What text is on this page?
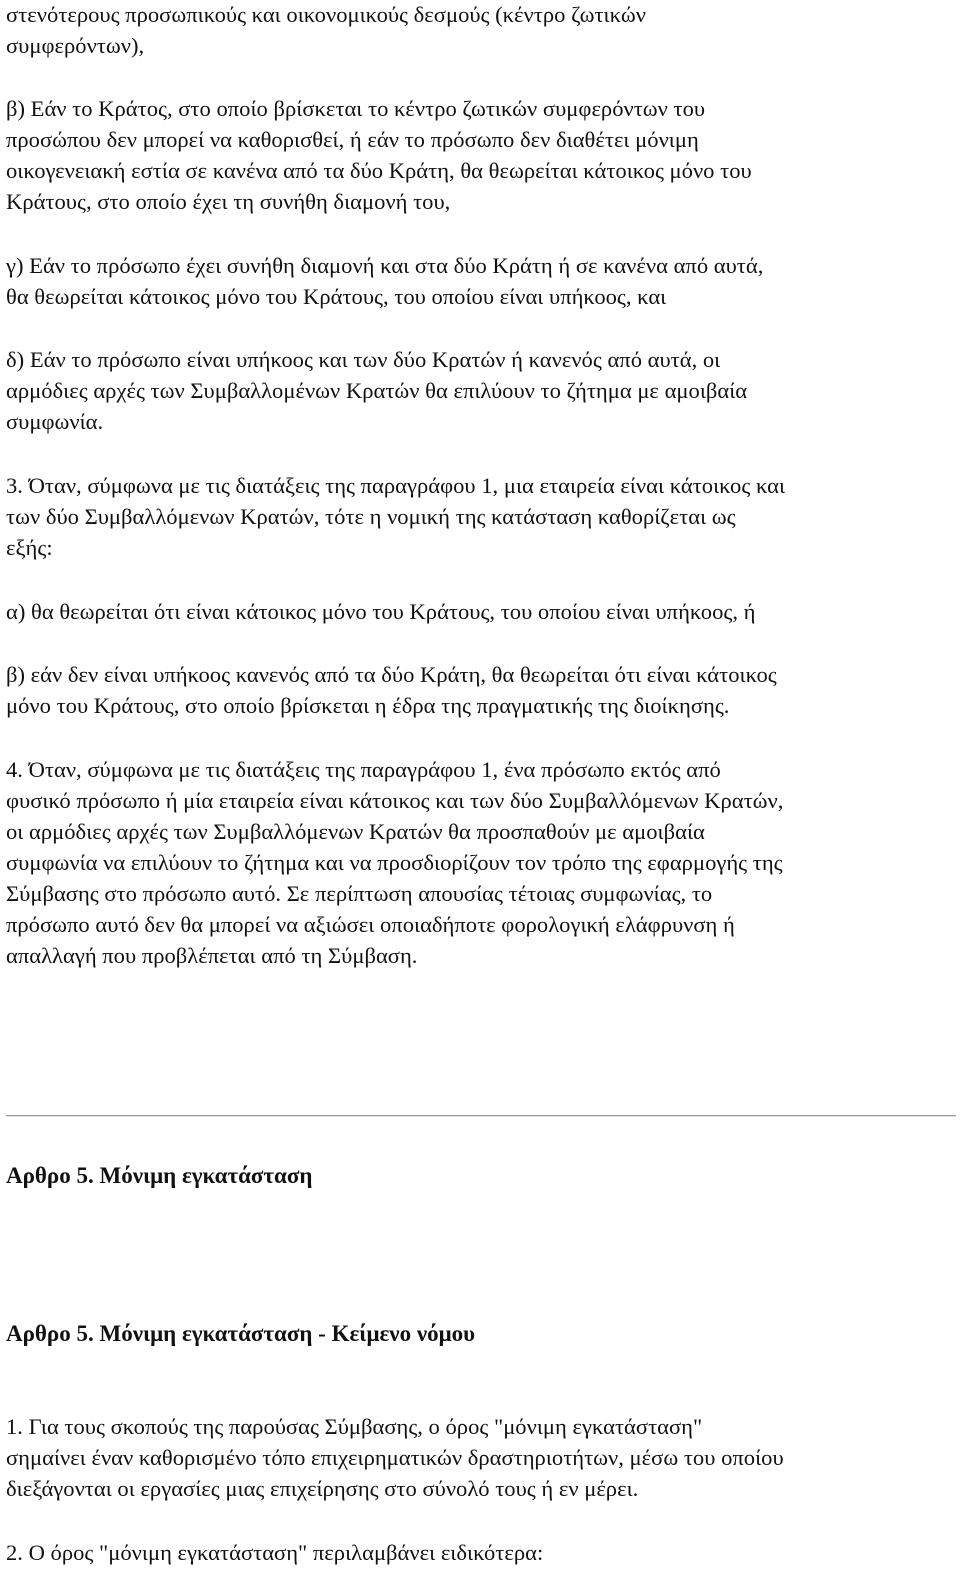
στενότερους προσωπικούς και οικονομικούς δεσμούς (κέντρο ζωτικών
συμφερόντων),
β) Εάν το Κράτος, στο οποίο βρίσκεται το κέντρο ζωτικών συμφερόντων του
προσώπου δεν μπορεί να καθορισθεί, ή εάν το πρόσωπο δεν διαθέτει μόνιμη
οικογενειακή εστία σε κανένα από τα δύο Κράτη, θα θεωρείται κάτοικος μόνο του
Κράτους, στο οποίο έχει τη συνήθη διαμονή του,
γ) Εάν το πρόσωπο έχει συνήθη διαμονή και στα δύο Κράτη ή σε κανένα από αυτά,
θα θεωρείται κάτοικος μόνο του Κράτους, του οποίου είναι υπήκοος, και
δ) Εάν το πρόσωπο είναι υπήκοος και των δύο Κρατών ή κανενός από αυτά, οι
αρμόδιες αρχές των Συμβαλλομένων Κρατών θα επιλύουν το ζήτημα με αμοιβαία
συμφωνία.
3. Όταν, σύμφωνα με τις διατάξεις της παραγράφου 1, μια εταιρεία είναι κάτοικος και
των δύο Συμβαλλόμενων Κρατών, τότε η νομική της κατάσταση καθορίζεται ως
εξής:
α) θα θεωρείται ότι είναι κάτοικος μόνο του Κράτους, του οποίου είναι υπήκοος, ή
β) εάν δεν είναι υπήκοος κανενός από τα δύο Κράτη, θα θεωρείται ότι είναι κάτοικος
μόνο του Κράτους, στο οποίο βρίσκεται η έδρα της πραγματικής της διοίκησης.
4. Όταν, σύμφωνα με τις διατάξεις της παραγράφου 1, ένα πρόσωπο εκτός από
φυσικό πρόσωπο ή μία εταιρεία είναι κάτοικος και των δύο Συμβαλλόμενων Κρατών,
οι αρμόδιες αρχές των Συμβαλλόμενων Κρατών θα προσπαθούν με αμοιβαία
συμφωνία να επιλύουν το ζήτημα και να προσδιορίζουν τον τρόπο της εφαρμογής της
Σύμβασης στο πρόσωπο αυτό. Σε περίπτωση απουσίας τέτοιας συμφωνίας, το
πρόσωπο αυτό δεν θα μπορεί να αξιώσει οποιαδήποτε φορολογική ελάφρυνση ή
απαλλαγή που προβλέπεται από τη Σύμβαση.
Αρθρο 5. Μόνιμη εγκατάσταση
Αρθρο 5. Μόνιμη εγκατάσταση - Κείμενο νόμου
1. Για τους σκοπούς της παρούσας Σύμβασης, ο όρος "μόνιμη εγκατάσταση"
σημαίνει έναν καθορισμένο τόπο επιχειρηματικών δραστηριοτήτων, μέσω του οποίου
διεξάγονται οι εργασίες μιας επιχείρησης στο σύνολό τους ή εν μέρει.
2. Ο όρος "μόνιμη εγκατάσταση" περιλαμβάνει ειδικότερα:
